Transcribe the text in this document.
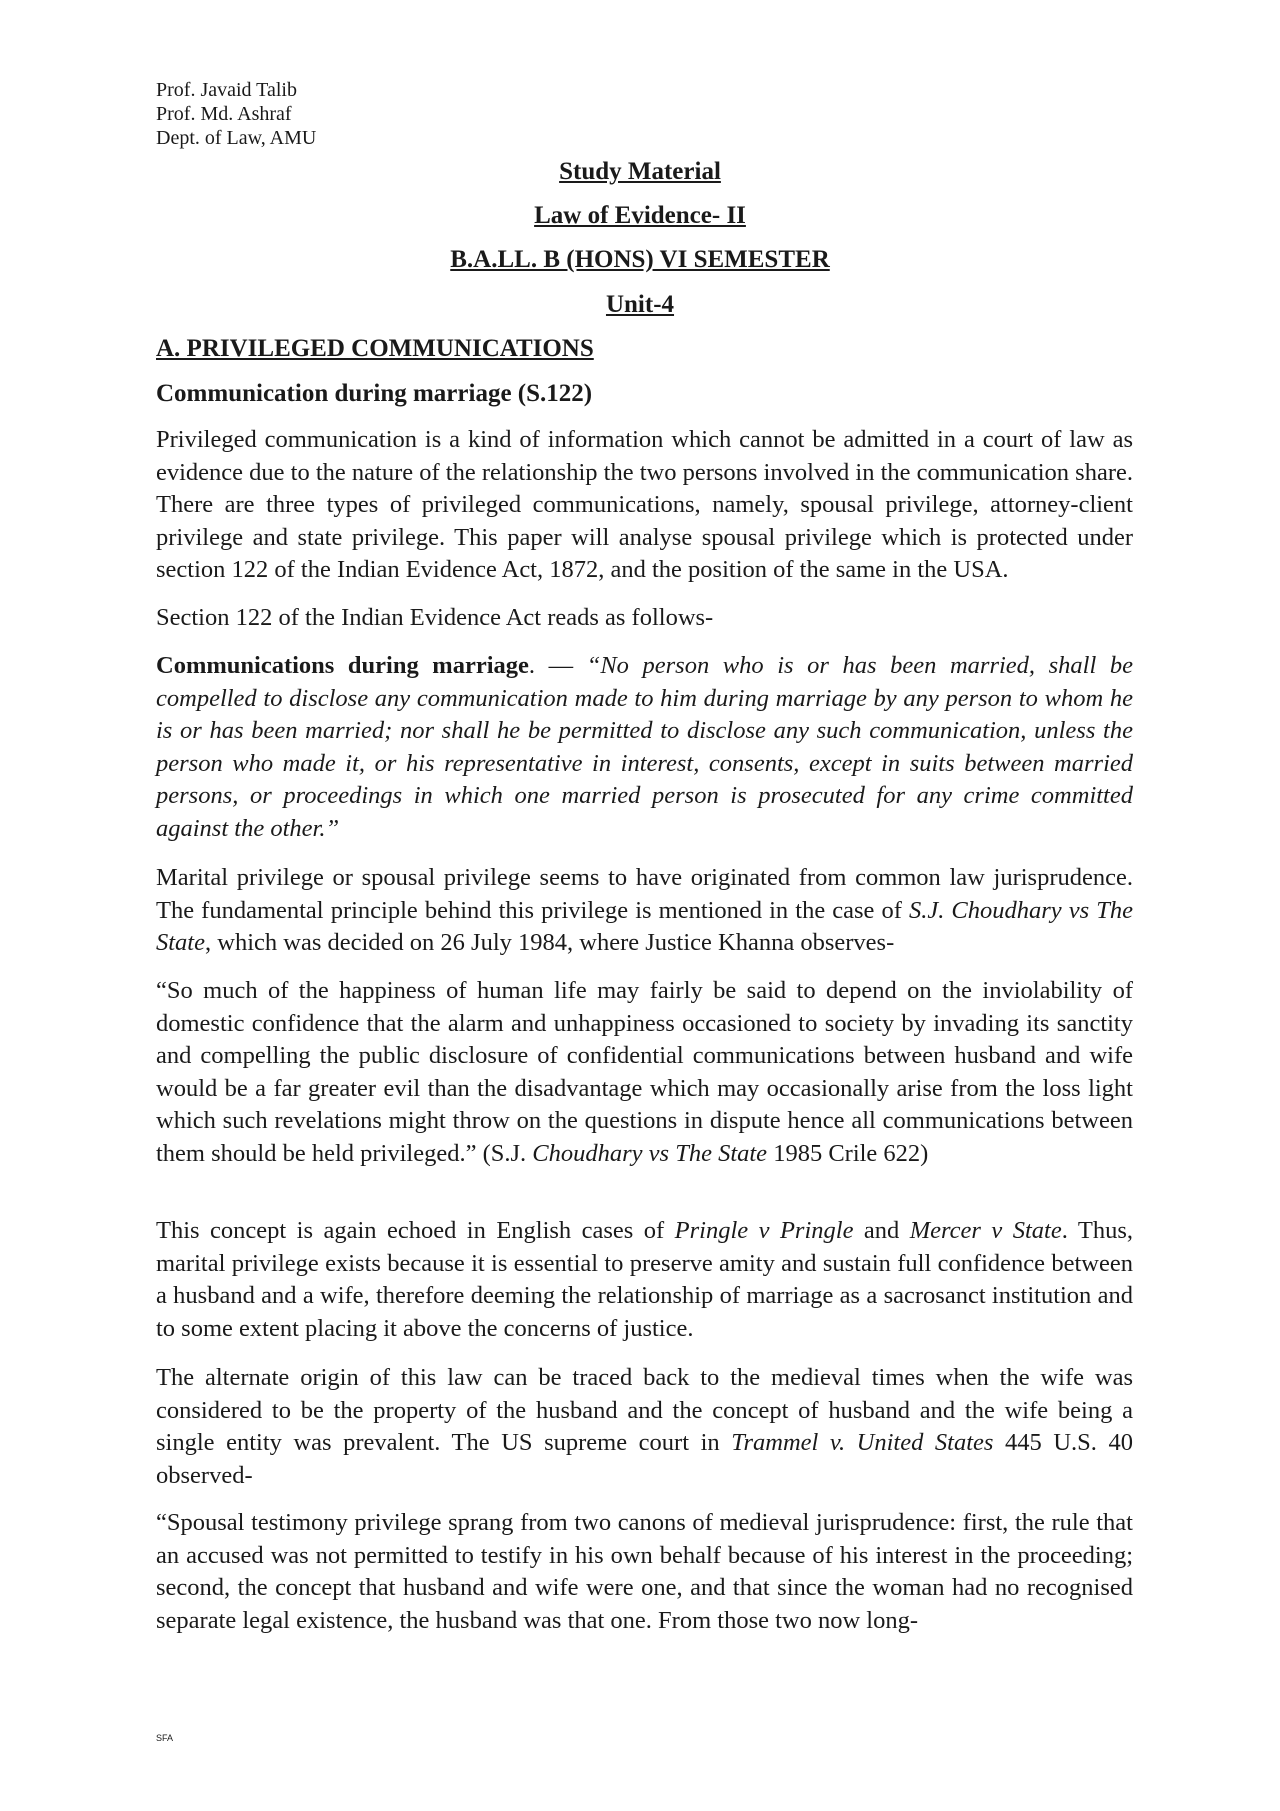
Prof. Javaid Talib
Prof. Md. Ashraf
Dept. of Law, AMU
Study Material
Law of Evidence- II
B.A.LL. B (HONS) VI SEMESTER
Unit-4
A. PRIVILEGED COMMUNICATIONS
Communication during marriage (S.122)

Privileged communication is a kind of information which cannot be admitted in a court of law as evidence due to the nature of the relationship the two persons involved in the communication share. There are three types of privileged communications, namely, spousal privilege, attorney-client privilege and state privilege. This paper will analyse spousal privilege which is protected under section 122 of the Indian Evidence Act, 1872, and the position of the same in the USA.

Section 122 of the Indian Evidence Act reads as follows-

Communications during marriage. — “No person who is or has been married, shall be compelled to disclose any communication made to him during marriage by any person to whom he is or has been married; nor shall he be permitted to disclose any such communication, unless the person who made it, or his representative in interest, consents, except in suits between married persons, or proceedings in which one married person is prosecuted for any crime committed against the other.”

Marital privilege or spousal privilege seems to have originated from common law jurisprudence. The fundamental principle behind this privilege is mentioned in the case of S.J. Choudhary vs The State, which was decided on 26 July 1984, where Justice Khanna observes-

“So much of the happiness of human life may fairly be said to depend on the inviolability of domestic confidence that the alarm and unhappiness occasioned to society by invading its sanctity and compelling the public disclosure of confidential communications between husband and wife would be a far greater evil than the disadvantage which may occasionally arise from the loss light which such revelations might throw on the questions in dispute hence all communications between them should be held privileged.” (S.J. Choudhary vs The State 1985 Crile 622)

This concept is again echoed in English cases of Pringle v Pringle and Mercer v State. Thus, marital privilege exists because it is essential to preserve amity and sustain full confidence between a husband and a wife, therefore deeming the relationship of marriage as a sacrosanct institution and to some extent placing it above the concerns of justice.

The alternate origin of this law can be traced back to the medieval times when the wife was considered to be the property of the husband and the concept of husband and the wife being a single entity was prevalent. The US supreme court in Trammel v. United States 445 U.S. 40 observed-

“Spousal testimony privilege sprang from two canons of medieval jurisprudence: first, the rule that an accused was not permitted to testify in his own behalf because of his interest in the proceeding; second, the concept that husband and wife were one, and that since the woman had no recognised separate legal existence, the husband was that one. From those two now long-

SFA
